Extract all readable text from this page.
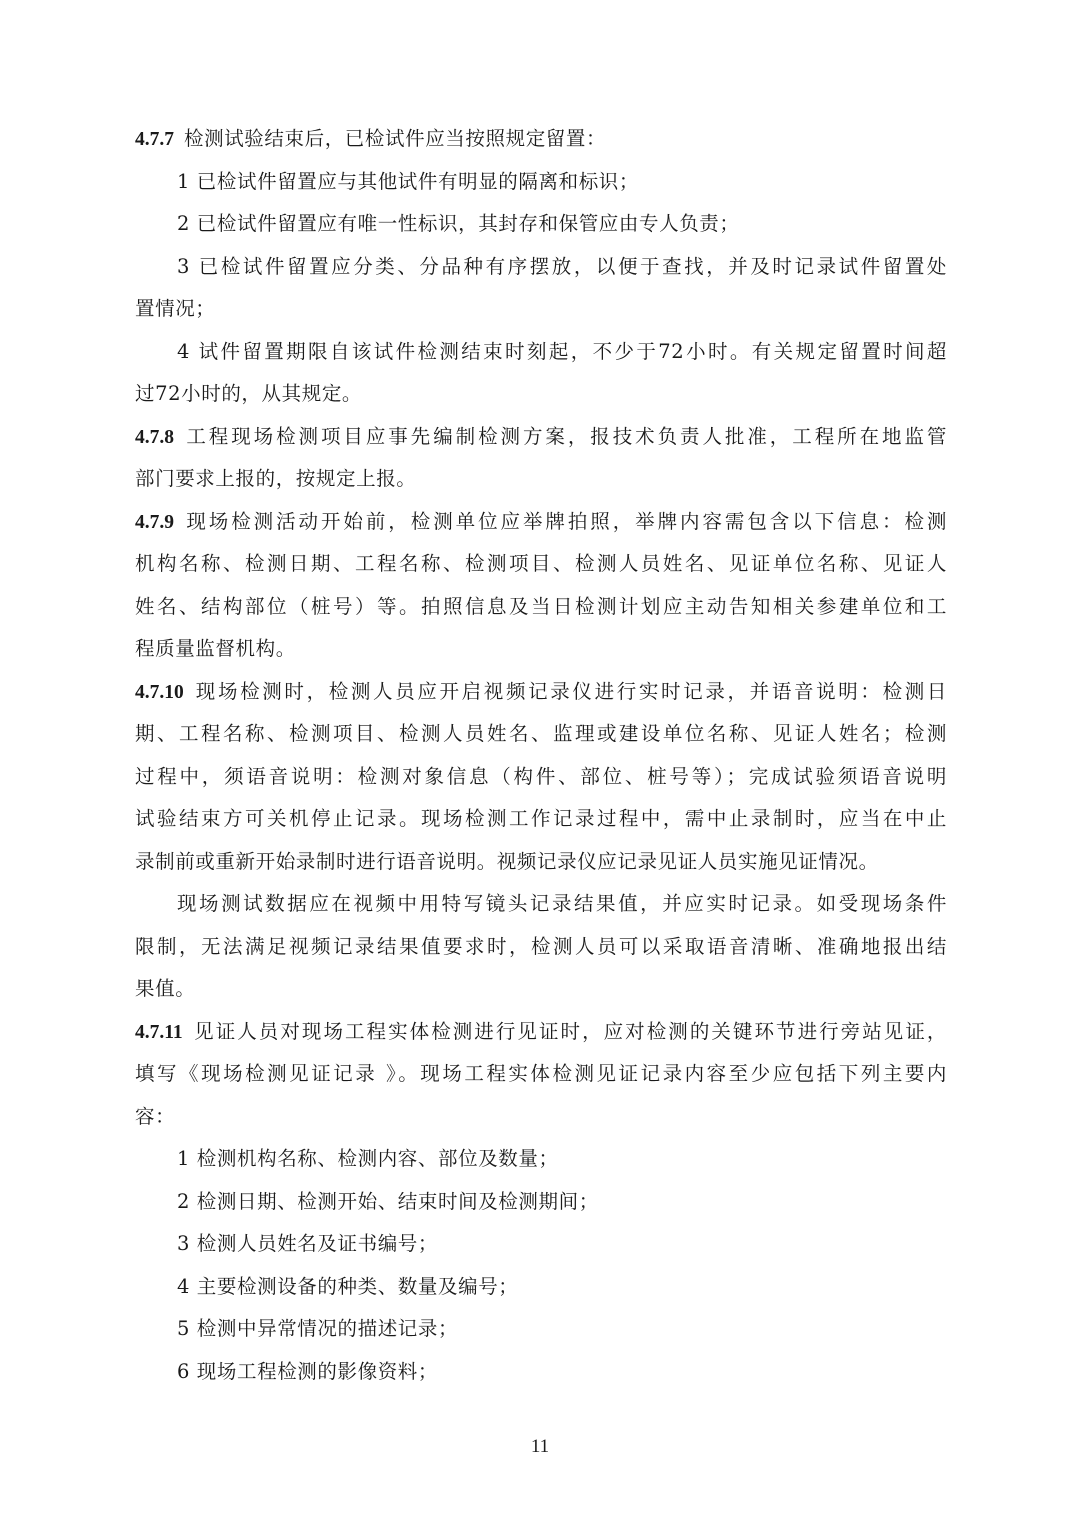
4.7.7 检测试验结束后，已检试件应当按照规定留置：
1 已检试件留置应与其他试件有明显的隔离和标识；
2 已检试件留置应有唯一性标识，其封存和保管应由专人负责；
3 已检试件留置应分类、分品种有序摆放，以便于查找，并及时记录试件留置处
置情况；
4 试件留置期限自该试件检测结束时刻起，不少于72小时。有关规定留置时间超
过72小时的，从其规定。
4.7.8 工程现场检测项目应事先编制检测方案，报技术负责人批准，工程所在地监管
部门要求上报的，按规定上报。
4.7.9 现场检测活动开始前，检测单位应举牌拍照，举牌内容需包含以下信息：检测
机构名称、检测日期、工程名称、检测项目、检测人员姓名、见证单位名称、见证人
姓名、结构部位（桩号）等。拍照信息及当日检测计划应主动告知相关参建单位和工
程质量监督机构。
4.7.10 现场检测时，检测人员应开启视频记录仪进行实时记录，并语音说明：检测日
期、工程名称、检测项目、检测人员姓名、监理或建设单位名称、见证人姓名；检测
过程中，须语音说明：检测对象信息（构件、部位、桩号等）；完成试验须语音说明
试验结束方可关机停止记录。现场检测工作记录过程中，需中止录制时，应当在中止
录制前或重新开始录制时进行语音说明。视频记录仪应记录见证人员实施见证情况。
现场测试数据应在视频中用特写镜头记录结果值，并应实时记录。如受现场条件
限制，无法满足视频记录结果值要求时，检测人员可以采取语音清晰、准确地报出结
果值。
4.7.11 见证人员对现场工程实体检测进行见证时，应对检测的关键环节进行旁站见证，
填写《现场检测见证记录 》。现场工程实体检测见证记录内容至少应包括下列主要内
容：
1 检测机构名称、检测内容、部位及数量；
2 检测日期、检测开始、结束时间及检测期间；
3 检测人员姓名及证书编号；
4 主要检测设备的种类、数量及编号；
5 检测中异常情况的描述记录；
6 现场工程检测的影像资料；
11
